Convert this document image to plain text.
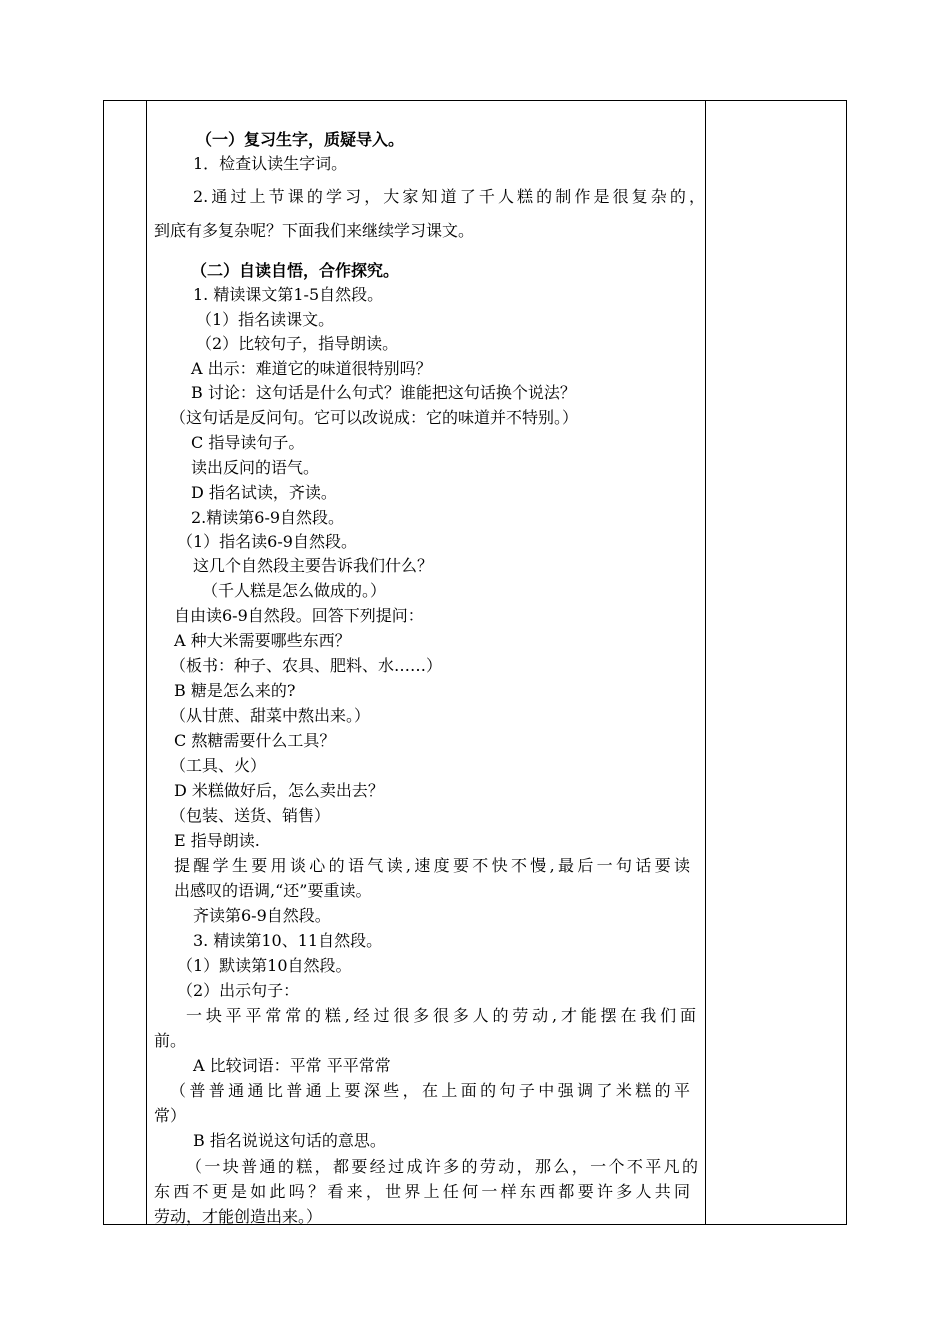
（一）复习生字，质疑导入。
1．检查认读生字词。
2.通过上节课的学习，大家知道了千人糕的制作是很复杂的，
到底有多复杂呢？下面我们来继续学习课文。
（二）自读自悟，合作探究。
1. 精读课文第1-5自然段。
（1）指名读课文。
（2）比较句子，指导朗读。
A 出示：难道它的味道很特别吗？
B 讨论：这句话是什么句式？谁能把这句话换个说法？
（这句话是反问句。它可以改说成：它的味道并不特别。）
C 指导读句子。
读出反问的语气。
D 指名试读，齐读。
2.精读第6-9自然段。
（1）指名读6-9自然段。
这几个自然段主要告诉我们什么？
（千人糕是怎么做成的。）
自由读6-9自然段。回答下列提问：
A 种大米需要哪些东西？
（板书：种子、农具、肥料、水……）
B 糖是怎么来的?
（从甘蔗、甜菜中熬出来。）
C 熬糖需要什么工具？
（工具、火）
D 米糕做好后，怎么卖出去？
（包装、送货、销售）
E 指导朗读.
提醒学生要用谈心的语气读,速度要不快不慢,最后一句话要读
出感叹的语调,“还”要重读。
齐读第6-9自然段。
3. 精读第10、11自然段。
（1）默读第10自然段。
（2）出示句子：
一块平平常常的糕,经过很多很多人的劳动,才能摆在我们面
前。
A 比较词语：平常 平平常常
（普普通通比普通上要深些，在上面的句子中强调了米糕的平
常）
B 指名说说这句话的意思。
（一块普通的糕，都要经过成许多的劳动，那么，一个不平凡的
东西不更是如此吗？看来，世界上任何一样东西都要许多人共同
劳动，才能创造出来。）
